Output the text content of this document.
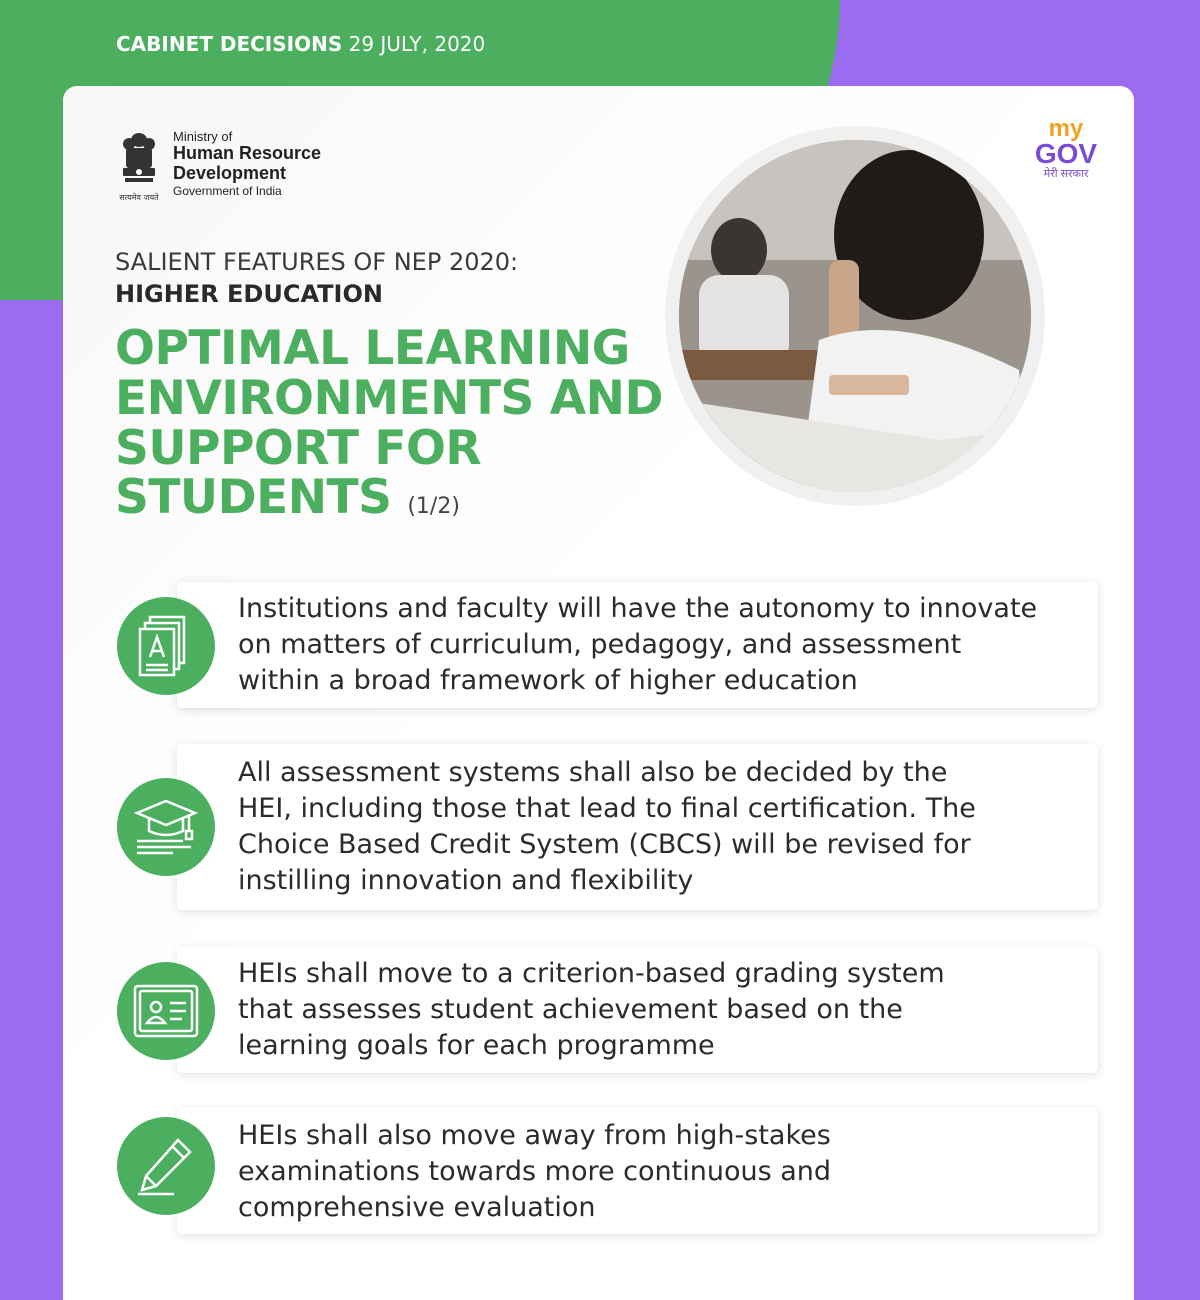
CABINET DECISIONS 29 JULY, 2020
सत्यमेव जयते
Ministry of
Human Resource
Development
Government of India
my
GOV
मेरी सरकार
SALIENT FEATURES OF NEP 2020:
HIGHER EDUCATION
OPTIMAL LEARNING
ENVIRONMENTS AND
SUPPORT FOR
STUDENTS (1/2)
Institutions and faculty will have the autonomy to innovate
on matters of curriculum, pedagogy, and assessment
within a broad framework of higher education
All assessment systems shall also be decided by the
HEI, including those that lead to final certification. The
Choice Based Credit System (CBCS) will be revised for
instilling innovation and flexibility
HEIs shall move to a criterion-based grading system
that assesses student achievement based on the
learning goals for each programme
HEIs shall also move away from high-stakes
examinations towards more continuous and
comprehensive evaluation
